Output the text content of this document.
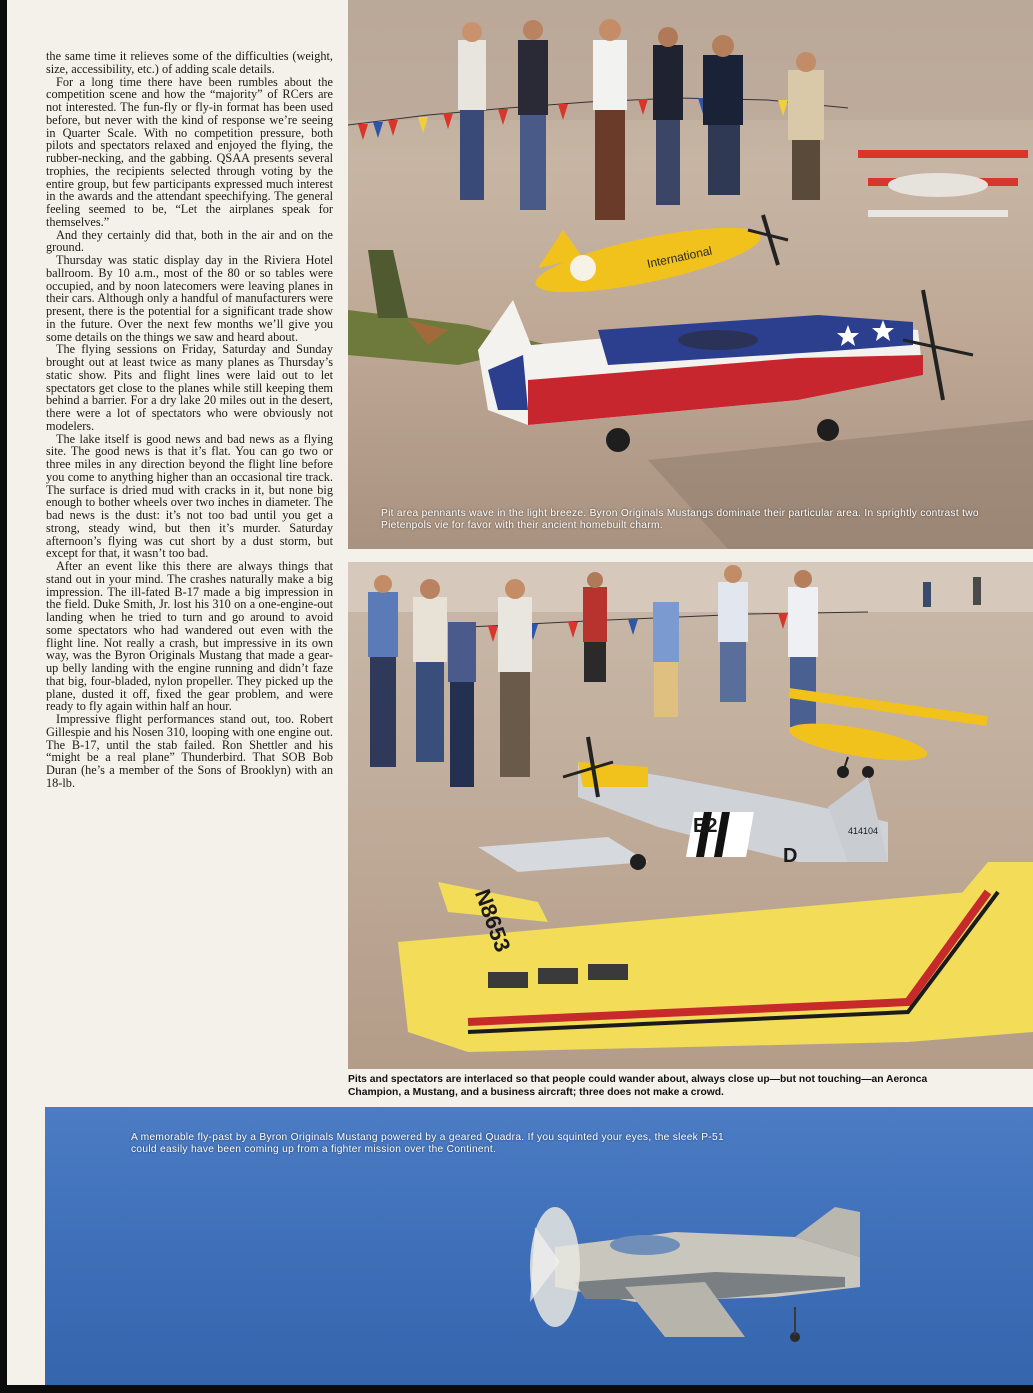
the same time it relieves some of the difficulties (weight, size, accessibility, etc.) of adding scale details.

For a long time there have been rumbles about the competition scene and how the “majority” of RCers are not interested. The fun-fly or fly-in format has been used before, but never with the kind of response we’re seeing in Quarter Scale. With no competition pressure, both pilots and spectators relaxed and enjoyed the flying, the rubber-necking, and the gabbing. QSAA presents several trophies, the recipients selected through voting by the entire group, but few participants expressed much interest in the awards and the attendant speechifying. The general feeling seemed to be, “Let the airplanes speak for themselves.”

And they certainly did that, both in the air and on the ground.

Thursday was static display day in the Riviera Hotel ballroom. By 10 a.m., most of the 80 or so tables were occupied, and by noon latecomers were leaving planes in their cars. Although only a handful of manufacturers were present, there is the potential for a significant trade show in the future. Over the next few months we’ll give you some details on the things we saw and heard about.

The flying sessions on Friday, Saturday and Sunday brought out at least twice as many planes as Thursday’s static show. Pits and flight lines were laid out to let spectators get close to the planes while still keeping them behind a barrier. For a dry lake 20 miles out in the desert, there were a lot of spectators who were obviously not modelers.

The lake itself is good news and bad news as a flying site. The good news is that it’s flat. You can go two or three miles in any direction beyond the flight line before you come to anything higher than an occasional tire track. The surface is dried mud with cracks in it, but none big enough to bother wheels over two inches in diameter. The bad news is the dust: it’s not too bad until you get a strong, steady wind, but then it’s murder. Saturday afternoon’s flying was cut short by a dust storm, but except for that, it wasn’t too bad.

After an event like this there are always things that stand out in your mind. The crashes naturally make a big impression. The ill-fated B-17 made a big impression in the field. Duke Smith, Jr. lost his 310 on a one-engine-out landing when he tried to turn and go around to avoid some spectators who had wandered out even with the flight line. Not really a crash, but impressive in its own way, was the Byron Originals Mustang that made a gear-up belly landing with the engine running and didn’t faze that big, four-bladed, nylon propeller. They picked up the plane, dusted it off, fixed the gear problem, and were ready to fly again within half an hour.

Impressive flight performances stand out, too. Robert Gillespie and his Nosen 310, looping with one engine out. The B-17, until the stab failed. Ron Shettler and his “might be a real plane” Thunderbird. That SOB Bob Duran (he’s a member of the Sons of Brooklyn) with an 18-lb.

International
Pit area pennants wave in the light breeze. Byron Originals Mustangs dominate their particular area. In sprightly contrast two Pietenpols vie for favor with their ancient homebuilt charm.
E2
D
414104
N8653
Pits and spectators are interlaced so that people could wander about, always close up—but not touching—an Aeronca Champion, a Mustang, and a business aircraft; three does not make a crowd.
A memorable fly-past by a Byron Originals Mustang powered by a geared Quadra. If you squinted your eyes, the sleek P-51 could easily have been coming up from a fighter mission over the Continent.
